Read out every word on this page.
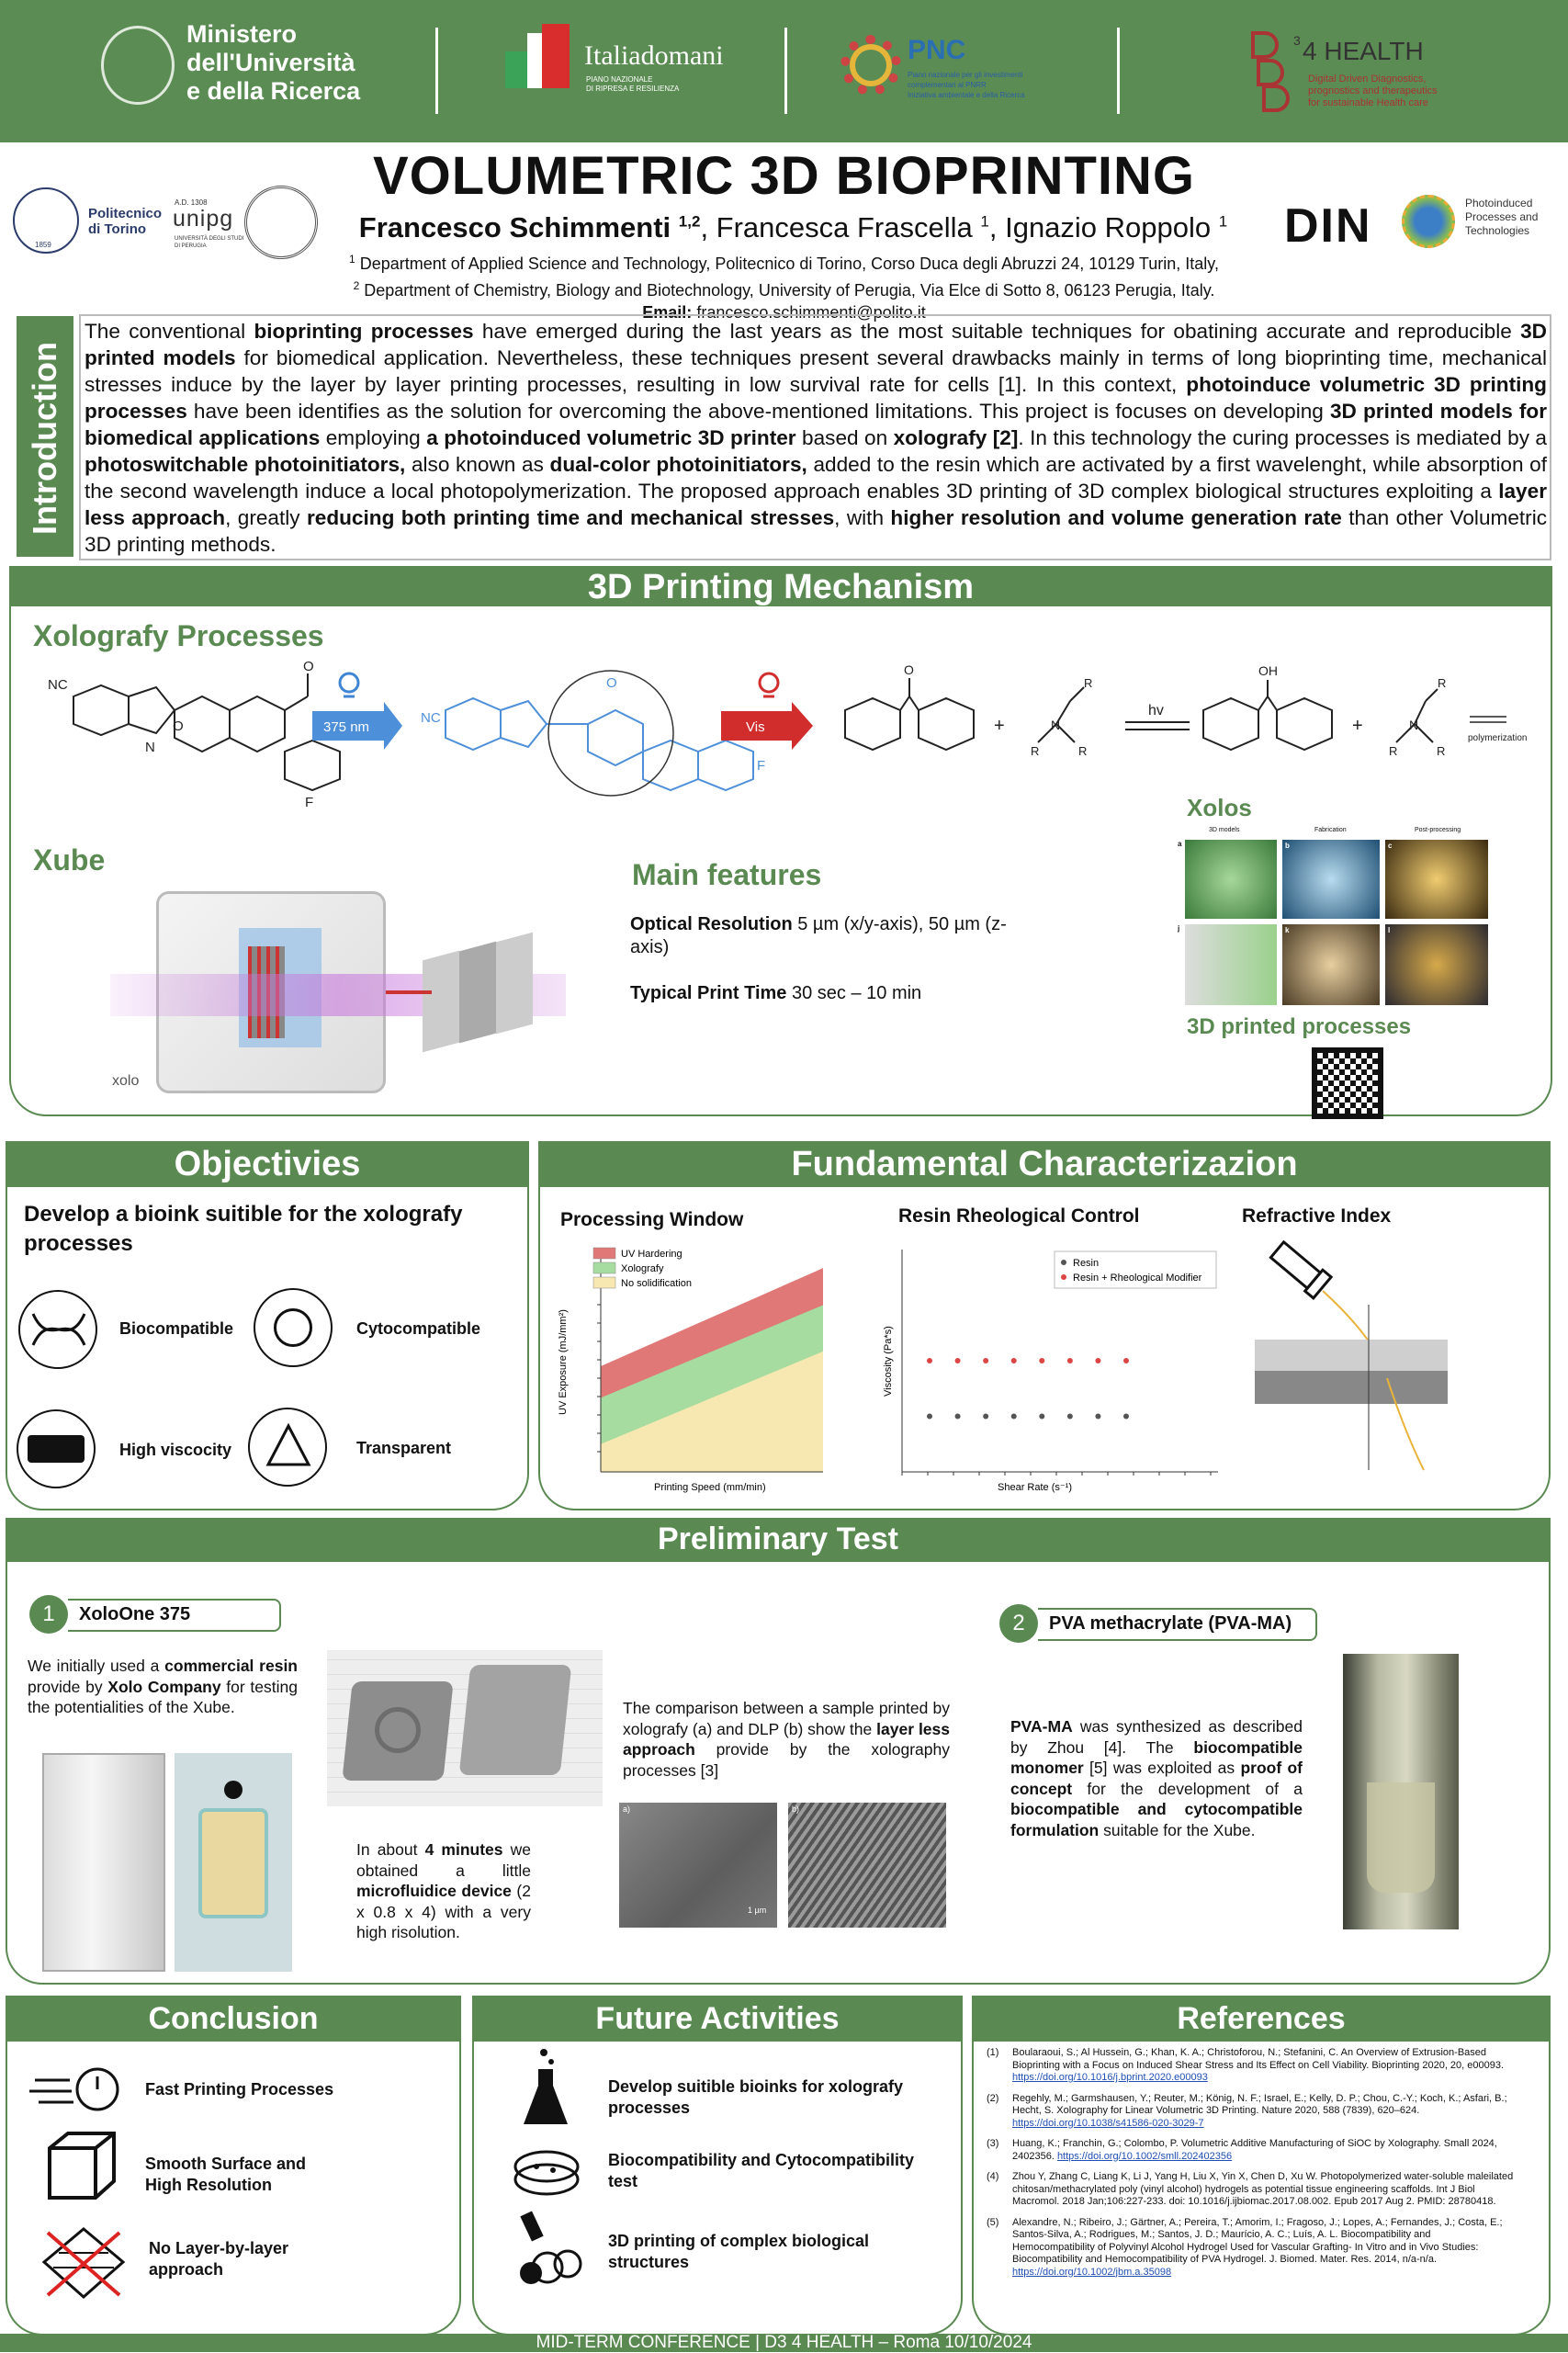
Ministero
dell'Università
e della Ricerca
Italiadomani
PIANO NAZIONALE
DI RIPRESA E RESILIENZA
PNC
Piano nazionale per gli investimenti
complementari al PNRR
Iniziativa ambientale e della Ricerca
3 4 HEALTH
Digital Driven Diagnostics,
prognostics and therapeutics
for sustainable Health care
1859
Politecnico
di Torino
A.D. 1308
unipg
UNIVERSITÀ DEGLI STUDI
DI PERUGIA	DIN	Photoinduced
Processes and
Technologies
VOLUMETRIC 3D BIOPRINTING
Francesco Schimmenti $^{1,2}$, Francesca Frascella $^1$, Ignazio Roppolo $^1$
$^1$ Department of Applied Science and Technology, Politecnico di Torino, Corso Duca degli Abruzzi 24, 10129 Turin, Italy,
$^2$ Department of Chemistry, Biology and Biotechnology, University of Perugia, Via Elce di Sotto 8, 06123 Perugia, Italy.
Email: francesco.schimmenti@polito.it
Introduction
The conventional bioprinting processes have emerged during the last years as the most suitable techniques for obatining accurate and reproducible 3D printed models for biomedical application. Nevertheless, these techniques present several drawbacks mainly in terms of long bioprinting time, mechanical stresses induce by the layer by layer printing processes, resulting in low survival rate for cells [1]. In this context, photoinduce volumetric 3D printing processes have been identifies as the solution for overcoming the above-mentioned limitations. This project is focuses on developing 3D printed models for biomedical applications employing a photoinduced volumetric 3D printer based on xolografy [2]. In this technology the curing processes is mediated by a photoswitchable photoinitiators, also known as dual-color photoinitiators, added to the resin which are activated by a first wavelenght, while absorption of the second wavelength induce a local photopolymerization. The proposed approach enables 3D printing of 3D complex biological structures exploiting a layer less approach, greatly reducing both printing time and mechanical stresses, with higher resolution and volume generation rate than other Volumetric 3D printing methods.
3D Printing Mechanism
Xolografy Processes
NC
N
O
O
F
375 nm
NC
O
F
Vis
O
+	N
R
R	R
hv
OH
+	N
R
R	R
polymerization
Xube
xolo
Main features
Optical Resolution 5 µm (x/y-axis), 50 µm (z-axis)
Typical Print Time 30 sec – 10 min
Xolos
3D models	Fabrication	Post-processing
a	b	c
j	k	l
3D printed processes
Objectivies
Develop a bioink suitible for the xolografy processes
Biocompatible	Cytocompatible
High viscocity	Transparent
Fundamental Characterizazion
Processing Window
UV Hardering
Xolografy
No solidification
UV Exposure (mJ/mm²)
Printing Speed (mm/min)
Resin Rheological Control
Resin
Resin + Rheological Modifier
Viscosity (Pa*s)
Shear Rate (s⁻¹)
Refractive Index
Preliminary Test
1	XoloOne 375
We initially used a commercial resin provide by Xolo Company for testing the potentialities of the Xube.
In about 4 minutes we obtained a little microfluidice device (2 x 0.8 x 4) with a very high risolution.
The comparison between a sample printed by xolografy (a) and DLP (b) show the layer less approach provide by the xolography processes [3]
a)
1 µm
b)
2	PVA methacrylate (PVA-MA)
PVA-MA was synthesized as described by Zhou [4]. The biocompatible monomer [5] was exploited as proof of concept for the development of a biocompatible and cytocompatible formulation suitable for the Xube.
Conclusion
Fast Printing Processes
Smooth Surface and High Resolution
No Layer-by-layer approach
Future Activities
Develop suitible bioinks for xolografy processes
Biocompatibility and Cytocompatibility test
3D printing of complex biological structures
References
(1)	Boularaoui, S.; Al Hussein, G.; Khan, K. A.; Christoforou, N.; Stefanini, C. An Overview of Extrusion-Based Bioprinting with a Focus on Induced Shear Stress and Its Effect on Cell Viability. Bioprinting 2020, 20, e00093. https://doi.org/10.1016/j.bprint.2020.e00093
(2)	Regehly, M.; Garmshausen, Y.; Reuter, M.; König, N. F.; Israel, E.; Kelly, D. P.; Chou, C.-Y.; Koch, K.; Asfari, B.; Hecht, S. Xolography for Linear Volumetric 3D Printing. Nature 2020, 588 (7839), 620–624. https://doi.org/10.1038/s41586-020-3029-7
(3)	Huang, K.; Franchin, G.; Colombo, P. Volumetric Additive Manufacturing of SiOC by Xolography. Small 2024, 2402356. https://doi.org/10.1002/smll.202402356
(4)	Zhou Y, Zhang C, Liang K, Li J, Yang H, Liu X, Yin X, Chen D, Xu W. Photopolymerized water-soluble maleilated chitosan/methacrylated poly (vinyl alcohol) hydrogels as potential tissue engineering scaffolds. Int J Biol Macromol. 2018 Jan;106:227-233. doi: 10.1016/j.ijbiomac.2017.08.002. Epub 2017 Aug 2. PMID: 28780418.
(5)	Alexandre, N.; Ribeiro, J.; Gärtner, A.; Pereira, T.; Amorim, I.; Fragoso, J.; Lopes, A.; Fernandes, J.; Costa, E.; Santos-Silva, A.; Rodrigues, M.; Santos, J. D.; Maurício, A. C.; Luís, A. L. Biocompatibility and Hemocompatibility of Polyvinyl Alcohol Hydrogel Used for Vascular Grafting- In Vitro and in Vivo Studies: Biocompatibility and Hemocompatibility of PVA Hydrogel. J. Biomed. Mater. Res. 2014, n/a-n/a. https://doi.org/10.1002/jbm.a.35098
MID-TERM CONFERENCE | D3 4 HEALTH – Roma 10/10/2024
